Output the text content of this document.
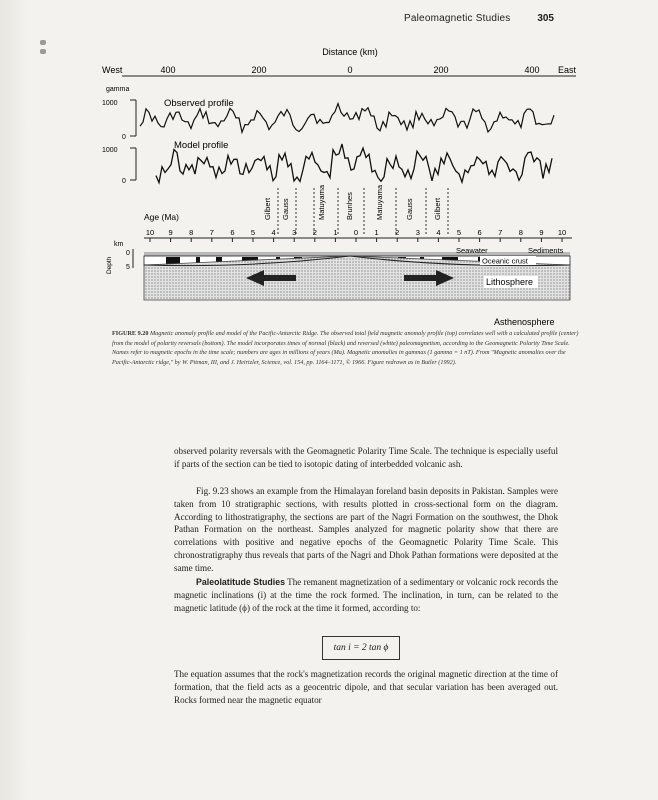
Paleomagnetic Studies	305
Distance (km)
West	East
400	200	0	200	400
gamma
1000
0
1000
0
Observed profile
Model profile
Gilbert Gauss	Matuyama	Brunhes	Matuyama	Gauss	Gilbert
Age (Ma)
10 9 8 7 6 5 4 3 2 1 0 1 2 3 4 5 6 7 8 9 10
Depth
km
0
5
Seawater	Sediments
Oceanic crust
Lithosphere
Asthenosphere
FIGURE 9.20 Magnetic anomaly profile and model of the Pacific-Antarctic Ridge. The observed total field magnetic anomaly profile (top) correlates well with a calculated profile (center) from the model of polarity reversals (bottom). The model incorporates times of normal (black) and reversed (white) paleomagnetism, according to the Geomagnetic Polarity Time Scale. Names refer to magnetic epochs in the time scale; numbers are ages in millions of years (Ma). Magnetic anomalies in gammas (1 gamma = 1 nT). From "Magnetic anomalies over the Pacific-Antarctic ridge," by W. Pitman, III, and J. Heirtzler, Science, vol. 154, pp. 1164–1171, © 1966. Figure redrawn as in Butler (1992).
observed polarity reversals with the Geomagnetic Polarity Time Scale. The technique is especially useful if parts of the section can be tied to isotopic dating of interbedded volcanic ash.
Fig. 9.23 shows an example from the Himalayan foreland basin deposits in Pakistan. Samples were taken from 10 stratigraphic sections, with results plotted in cross-sectional form on the diagram. According to lithostratigraphy, the sections are part of the Nagri Formation on the southwest, the Dhok Pathan Formation on the northeast. Samples analyzed for magnetic polarity show that there are correlations with positive and negative epochs of the Geomagnetic Polarity Time Scale. This chronostratigraphy thus reveals that parts of the Nagri and Dhok Pathan formations were deposited at the same time.
Paleolatitude Studies The remanent magnetization of a sedimentary or volcanic rock records the magnetic inclinations (i) at the time the rock formed. The inclination, in turn, can be related to the magnetic latitude (ϕ) of the rock at the time it formed, according to:
tan i = 2 tan ϕ
The equation assumes that the rock's magnetization records the original magnetic direction at the time of formation, that the field acts as a geocentric dipole, and that secular variation has been averaged out. Rocks formed near the magnetic equator
